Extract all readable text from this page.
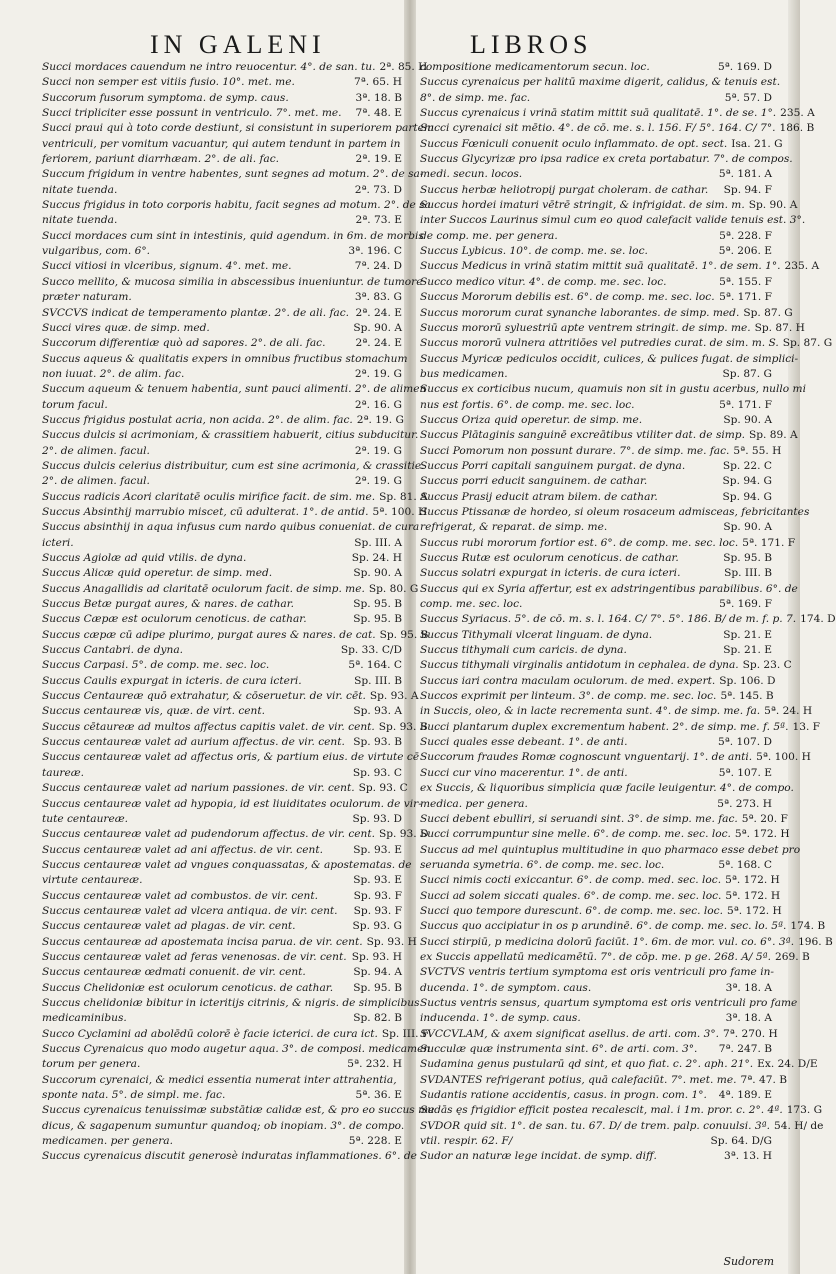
IN GALENI	LIBROS
Succi mordaces cauendum ne intro reuocentur. 4°. de san. tu. 2ª. 85. H
Succi non semper est vitiis fusio. 10°. met. me.	7ª. 65. H
Succorum fusorum symptoma. de symp. caus.	3ª. 18. B
Succi tripliciter esse possunt in ventriculo. 7°. met. me.	7ª. 48. E
Succi praui qui à toto corde destiunt, si consistunt in superiorem partem
ventriculi, per vomitum vacuantur, qui autem tendunt in partem in
feriorem, pariunt diarrhæam. 2°. de ali. fac.	2ª. 19. E
Succum frigidum in ventre habentes, sunt segnes ad motum. 2°. de sa-
nitate tuenda.	2ª. 73. D
Succus frigidus in toto corporis habitu, facit segnes ad motum. 2°. de sa
nitate tuenda.	2ª. 73. E
Succi mordaces cum sint in intestinis, quid agendum. in 6m. de morbis
vulgaribus, com. 6°.	3ª. 196. C
Succi vitiosi in vlceribus, signum. 4°. met. me.	7ª. 24. D
Succo mellito, & mucosa similia in abscessibus inueniuntur. de tumore
præter naturam.	3ª. 83. G
SVCCVS indicat de temperamento plantæ. 2°. de ali. fac. 2ª. 24. E
Succi vires quæ. de simp. med.	Sp. 90. A
Succorum differentiæ quò ad sapores. 2°. de ali. fac.	2ª. 24. E
Succus aqueus & qualitatis expers in omnibus fructibus stomachum
non iuuat. 2°. de alim. fac.	2ª. 19. G
Succum aqueum & tenuem habentia, sunt pauci alimenti. 2°. de alimen
torum facul.	2ª. 16. G
Succus frigidus postulat acria, non acida. 2°. de alim. fac. 2ª. 19. G
Succus dulcis si acrimoniam, & crassitiem habuerit, citius subducitur.
2°. de alimen. facul.	2ª. 19. G
Succus dulcis celerius distribuitur, cum est sine acrimonia, & crassitie.
2°. de alimen. facul.	2ª. 19. G
Succus radicis Acori claritatē oculis mirifice facit. de sim. me. Sp. 81. A
Succus Absinthij marrubio miscet, cū adulterat. 1°. de antid. 5ª. 100. H
Succus absinthij in aqua infusus cum nardo quibus conueniat. de cura
icteri.	Sp. III. A
Succus Agiolæ ad quid vtilis. de dyna.	Sp. 24. H
Succus Alicæ quid operetur. de simp. med.	Sp. 90. A
Succus Anagallidis ad claritatē oculorum facit. de simp. me. Sp. 80. G
Succus Betæ purgat aures, & nares. de cathar.	Sp. 95. B
Succus Cæpæ est oculorum cenoticus. de cathar.	Sp. 95. B
Succus cæpæ cū adipe plurimo, purgat aures & nares. de cat. Sp. 95. B
Succus Cantabri. de dyna.	Sp. 33. C/D
Succus Carpasi. 5°. de comp. me. sec. loc.	5ª. 164. C
Succus Caulis expurgat in icteris. de cura icteri.	Sp. III. B
Succus Centaureæ quō extrahatur, & cōseruetur. de vir. cēt. Sp. 93. A
Succus centaureæ vis, quæ. de virt. cent.	Sp. 93. A
Succus cētaureæ ad multos affectus capitis valet. de vir. cent. Sp. 93. B
Succus centaureæ valet ad aurium affectus. de vir. cent. Sp. 93. B
Succus centaureæ valet ad affectus oris, & partium eius. de virtute cē
taureæ.	Sp. 93. C
Succus centaureæ valet ad narium passiones. de vir. cent. Sp. 93. C
Succus centaureæ valet ad hypopia, id est liuiditates oculorum. de vir-
tute centaureæ.	Sp. 93. D
Succus centaureæ valet ad pudendorum affectus. de vir. cent. Sp. 93. D
Succus centaureæ valet ad ani affectus. de vir. cent.	Sp. 93. E
Succus centaureæ valet ad vngues conquassatas, & apostematas. de
virtute centaureæ.	Sp. 93. E
Succus centaureæ valet ad combustos. de vir. cent.	Sp. 93. F
Succus centaureæ valet ad vlcera antiqua. de vir. cent.	Sp. 93. F
Succus centaureæ valet ad plagas. de vir. cent.	Sp. 93. G
Succus centaureæ ad apostemata incisa parua. de vir. cent. Sp. 93. H
Succus centaureæ valet ad feras venenosas. de vir. cent. Sp. 93. H
Succus centaureæ œdmati conuenit. de vir. cent.	Sp. 94. A
Succus Chelidoniæ est oculorum cenoticus. de cathar.	Sp. 95. B
Succus chelidoniæ bibitur in icteritijs citrinis, & nigris. de simplicibus
medicaminibus.	Sp. 82. B
Succo Cyclamini ad abolēdū colorē è facie icterici. de cura ict. Sp. III. F
Succus Cyrenaicus quo modo augetur aqua. 3°. de composi. medicamen
torum per genera.	5ª. 232. H
Succorum cyrenaici, & medici essentia numerat inter attrahentia,
sponte nata. 5°. de simpl. me. fac.	5ª. 36. E
Succus cyrenaicus tenuissimæ substātiæ calidæ est, & pro eo succus me
dicus, & sagapenum sumuntur quandoq; ob inopiam. 3°. de compo.
medicamen. per genera.	5ª. 228. E
Succus cyrenaicus discutit generosè induratas inflammationes. 6°. de
compositione medicamentorum secun. loc.	5ª. 169. D
Succus cyrenaicus per halitū maxime digerit, calidus, & tenuis est.
8°. de simp. me. fac.	5ª. 57. D
Succus cyrenaicus i vrinā statim mittit suā qualitatē. 1°. de se. 1°. 235. A
Succi cyrenaici sit mētio. 4°. de cō. me. s. l. 156. F/ 5°. 164. C/ 7°. 186. B
Succus Fœniculi conuenit oculo inflammato. de opt. sect. Isa. 21. G
Succus Glycyrizæ pro ipsa radice ex creta portabatur. 7°. de compos.
medi. secun. locos.	5ª. 181. A
Succus herbæ heliotropij purgat choleram. de cathar.	Sp. 94. F
Succus hordei imaturi vētrē stringit, & infrigidat. de sim. m. Sp. 90. A
inter Succos Laurinus simul cum eo quod calefacit valide tenuis est. 3°.
de comp. me. per genera.	5ª. 228. F
Succus Lybicus. 10°. de comp. me. se. loc.	5ª. 206. E
Succus Medicus in vrinā statim mittit suā qualitatē. 1°. de sem. 1°. 235. A
Succo medico vitur. 4°. de comp. me. sec. loc.	5ª. 155. F
Succus Mororum debilis est. 6°. de comp. me. sec. loc. 5ª. 171. F
Succus mororum curat synanche laborantes. de simp. med. Sp. 87. G
Succus mororū syluestriū apte ventrem stringit. de simp. me. Sp. 87. H
Succus mororū vulnera attritiōes vel putredies curat. de sim. m. S. Sp. 87. G
Succus Myricæ pediculos occidit, culices, & pulices fugat. de simplici-
bus medicamen.	Sp. 87. G
Succus ex corticibus nucum, quamuis non sit in gustu acerbus, nullo mi
nus est fortis. 6°. de comp. me. sec. loc.	5ª. 171. F
Succus Oriza quid operetur. de simp. me.	Sp. 90. A
Succus Plātaginis sanguinē excreātibus vtiliter dat. de simp. Sp. 89. A
Succi Pomorum non possunt durare. 7°. de simp. me. fac. 5ª. 55. H
Succus Porri capitali sanguinem purgat. de dyna.	Sp. 22. C
Succus porri educit sanguinem. de cathar.	Sp. 94. G
Succus Prasij educit atram bilem. de cathar.	Sp. 94. G
Succus Ptissanæ de hordeo, si oleum rosaceum admisceas, febricitantes
refrigerat, & reparat. de simp. me.	Sp. 90. A
Succus rubi mororum fortior est. 6°. de comp. me. sec. loc. 5ª. 171. F
Succus Rutæ est oculorum cenoticus. de cathar.	Sp. 95. B
Succus solatri expurgat in icteris. de cura icteri.	Sp. III. B
Succus qui ex Syria affertur, est ex adstringentibus parabilibus. 6°. de
comp. me. sec. loc.	5ª. 169. F
Succus Syriacus. 5°. de cō. m. s. l. 164. C/ 7°. 5°. 186. B/ de m. f. p. 7. 174. D
Succus Tithymali vlcerat linguam. de dyna.	Sp. 21. E
Succus tithymali cum caricis. de dyna.	Sp. 21. E
Succus tithymali virginalis antidotum in cephalea. de dyna. Sp. 23. C
Succus iari contra maculam oculorum. de med. expert. Sp. 106. D
Succos exprimit per linteum. 3°. de comp. me. sec. loc. 5ª. 145. B
in Succis, oleo, & in lacte recrementa sunt. 4°. de simp. me. fa. 5ª. 24. H
Succi plantarum duplex excrementum habent. 2°. de simp. me. f. 5ª. 13. F
Succi quales esse debeant. 1°. de anti.	5ª. 107. D
Succorum fraudes Romæ cognoscunt vnguentarij. 1°. de anti. 5ª. 100. H
Succi cur vino macerentur. 1°. de anti.	5ª. 107. E
ex Succis, & liquoribus simplicia quæ facile leuigentur. 4°. de compo.
medica. per genera.	5ª. 273. H
Succi debent ebulliri, si seruandi sint. 3°. de simp. me. fac. 5ª. 20. F
Succi corrumpuntur sine melle. 6°. de comp. me. sec. loc. 5ª. 172. H
Succus ad mel quintuplus multitudine in quo pharmaco esse debet pro
seruanda symetria. 6°. de comp. me. sec. loc.	5ª. 168. C
Succi nimis cocti exiccantur. 6°. de comp. med. sec. loc. 5ª. 172. H
Succi ad solem siccati quales. 6°. de comp. me. sec. loc. 5ª. 172. H
Succi quo tempore durescunt. 6°. de comp. me. sec. loc. 5ª. 172. H
Succus quo accipiatur in os p arundinē. 6°. de comp. me. sec. lo. 5ª. 174. B
Succi stirpiū, p medicina dolorū faciūt. 1°. 6m. de mor. vul. co. 6°. 3ª. 196. B
ex Succis appellatū medicamētū. 7°. de cōp. me. p ge. 268. A/ 5ª. 269. B
SVCTVS ventris tertium symptoma est oris ventriculi pro fame in-
ducenda. 1°. de symptom. caus.	3ª. 18. A
Suctus ventris sensus, quartum symptoma est oris ventriculi pro fame
inducenda. 1°. de symp. caus.	3ª. 18. A
SVCCVLAM, & axem significat asellus. de arti. com. 3°. 7ª. 270. H
Succulæ quæ instrumenta sint. 6°. de arti. com. 3°.	7ª. 247. B
Sudamina genus pustularū qd sint, et quo fiat. c. 2°. aph. 21°. Ex. 24. D/E
SVDANTES refrigerant potius, quā calefaciūt. 7°. met. me. 7ª. 47. B
Sudantis ratione accidentis, casus. in progn. com. 1°.	4ª. 189. E
Sudās ęs frigidior efficit postea recalescit, mal. i 1m. pror. c. 2°. 4ª. 173. G
SVDOR quid sit. 1°. de san. tu. 67. D/ de trem. palp. conuulsi. 3ª. 54. H/ de
vtil. respir. 62. F/	Sp. 64. D/G
Sudor an naturæ lege incidat. de symp. diff.	3ª. 13. H
Sudorem
